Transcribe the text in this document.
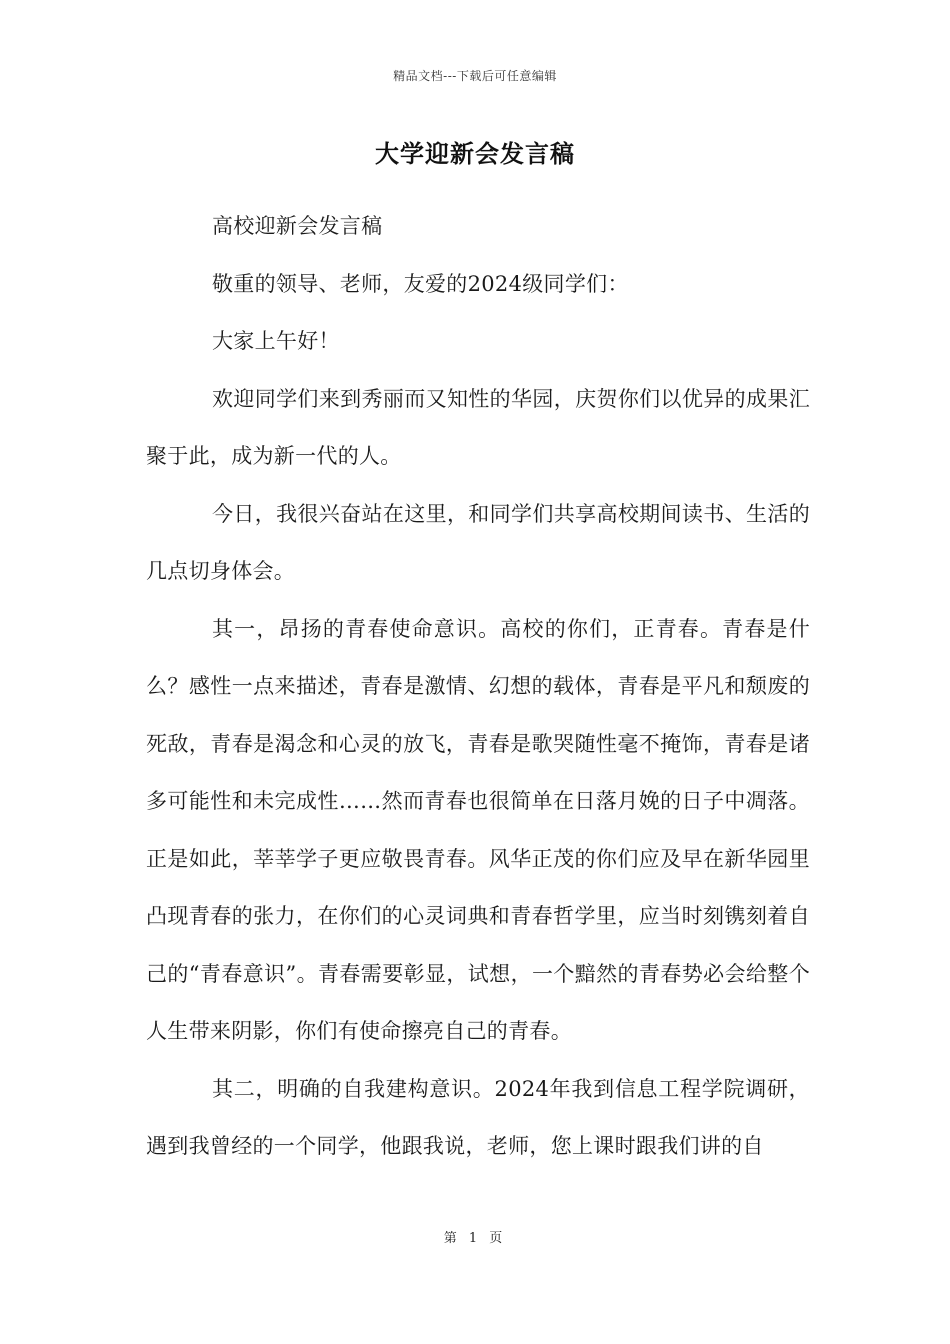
精品文档---下载后可任意编辑
大学迎新会发言稿

高校迎新会发言稿

敬重的领导、老师，友爱的2024级同学们：

大家上午好！

欢迎同学们来到秀丽而又知性的华园，庆贺你们以优异的成果汇聚于此，成为新一代的人。

今日，我很兴奋站在这里，和同学们共享高校期间读书、生活的几点切身体会。

其一，昂扬的青春使命意识。高校的你们，正青春。青春是什么？感性一点来描述，青春是激情、幻想的载体，青春是平凡和颓废的死敌，青春是渴念和心灵的放飞，青春是歌哭随性毫不掩饰，青春是诸多可能性和未完成性……然而青春也很简单在日落月娩的日子中凋落。正是如此，莘莘学子更应敬畏青春。风华正茂的你们应及早在新华园里凸现青春的张力，在你们的心灵词典和青春哲学里，应当时刻镌刻着自己的“青春意识”。青春需要彰显，试想，一个黯然的青春势必会给整个人生带来阴影，你们有使命擦亮自己的青春。

其二，明确的自我建构意识。2024年我到信息工程学院调研，遇到我曾经的一个同学，他跟我说，老师，您上课时跟我们讲的自

第 1 页
